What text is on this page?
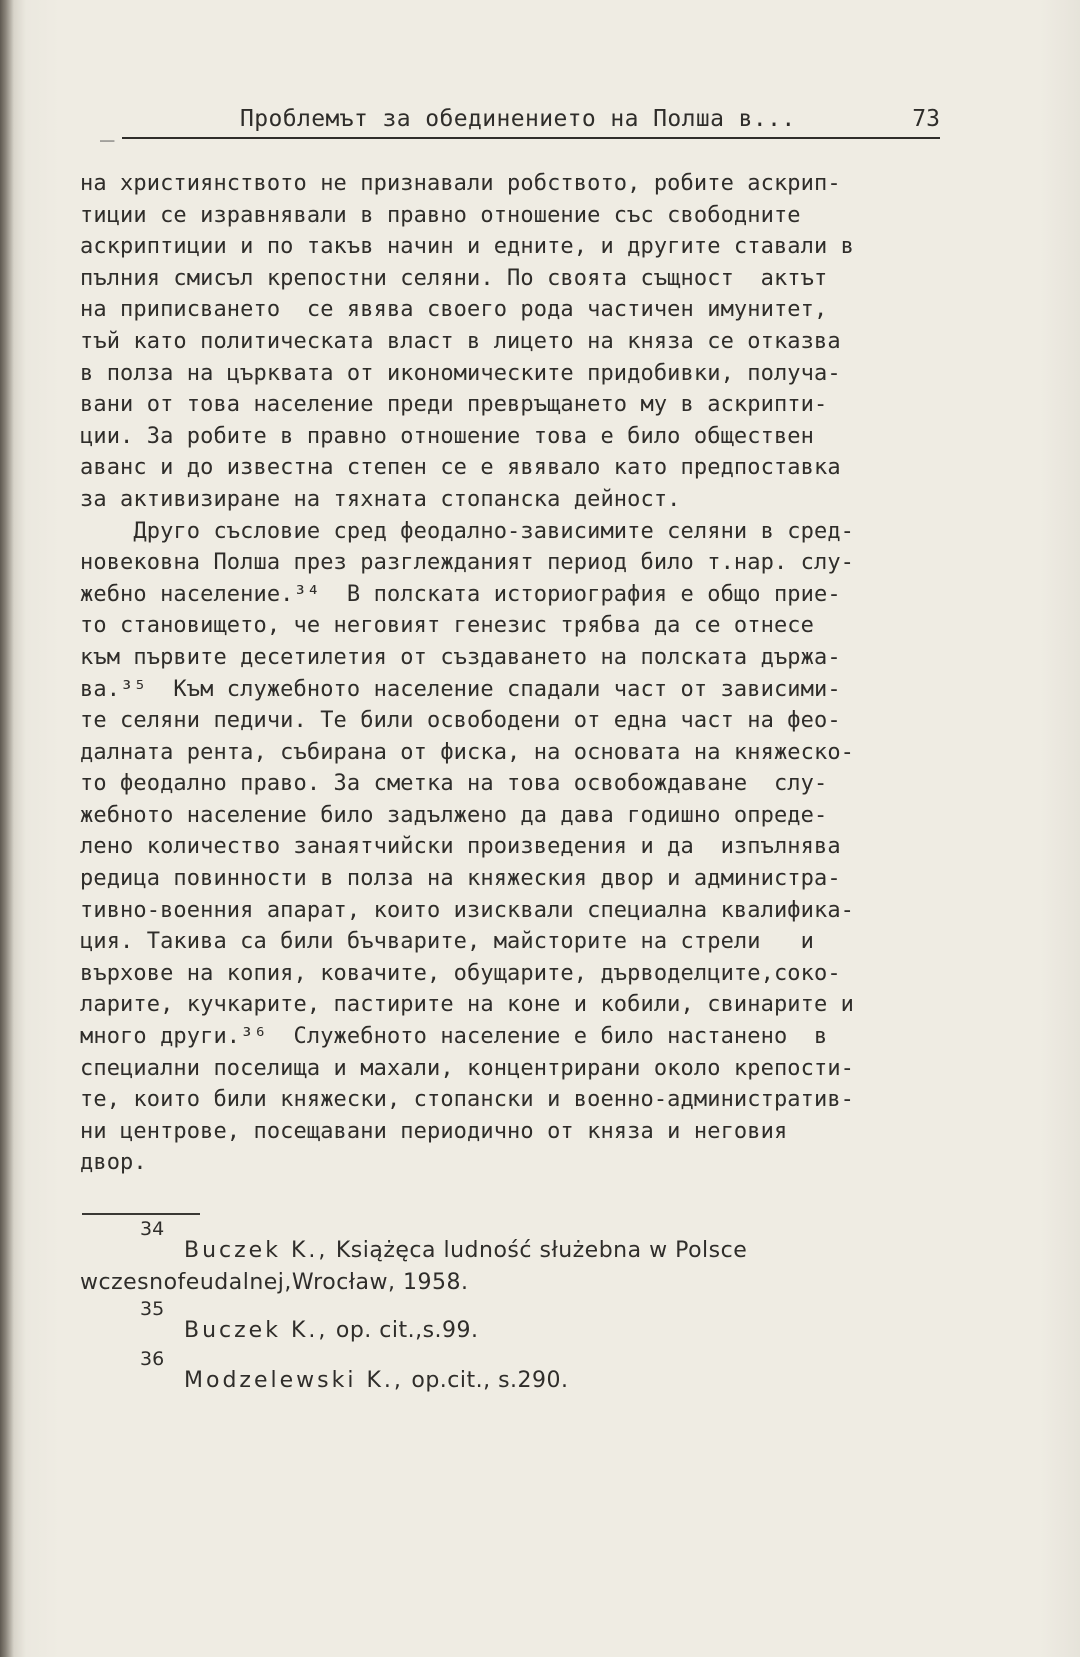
_	Проблемът за обединението на Полша в...	73
на християнството не признавали робството, робите аскрип-
тиции се изравнявали в правно отношение със свободните
аскриптиции и по такъв начин и едните, и другите ставали в
пълния смисъл крепостни селяни. По своята същност  актът
на приписването  се явява своего рода частичен имунитет,
тъй като политическата власт в лицето на княза се отказва
в полза на църквата от икономическите придобивки, получа-
вани от това население преди превръщането му в аскрипти-
ции. За робите в правно отношение това е било обществен
аванс и до известна степен се е явявало като предпоставка
за активизиране на тяхната стопанска дейност.
Друго съсловие сред феодално-зависимите селяни в сред-
новековна Полша през разглежданият период било т.нар. слу-
жебно население.³⁴  В полската историография е общо прие-
то становището, че неговият генезис трябва да се отнесе
към първите десетилетия от създаването на полската държа-
ва.³⁵  Към служебното население спадали част от зависими-
те селяни педичи. Те били освободени от една част на фео-
далната рента, събирана от фиска, на основата на княжеско-
то феодално право. За сметка на това освобождаване  слу-
жебното население било задължено да дава годишно опреде-
лено количество занаятчийски произведения и да  изпълнява
редица повинности в полза на княжеския двор и администра-
тивно-военния апарат, които изисквали специална квалифика-
ция. Такива са били бъчварите, майсторите на стрели   и
върхове на копия, ковачите, обущарите, дърводелците,соко-
ларите, кучкарите, пастирите на коне и кобили, свинарите и
много други.³⁶  Служебното население е било настанено  в
специални поселища и махали, концентрирани около крепости-
те, които били княжески, стопански и военно-административ-
ни центрове, посещавани периодично от княза и неговия
двор.
34
Buczek K., Książęca ludność służebna w Polsce
wczesnofeudalnej,Wrocław, 1958.
35
Buczek K., op. cit.,s.99.
36
Modzelewski K., op.cit., s.290.
